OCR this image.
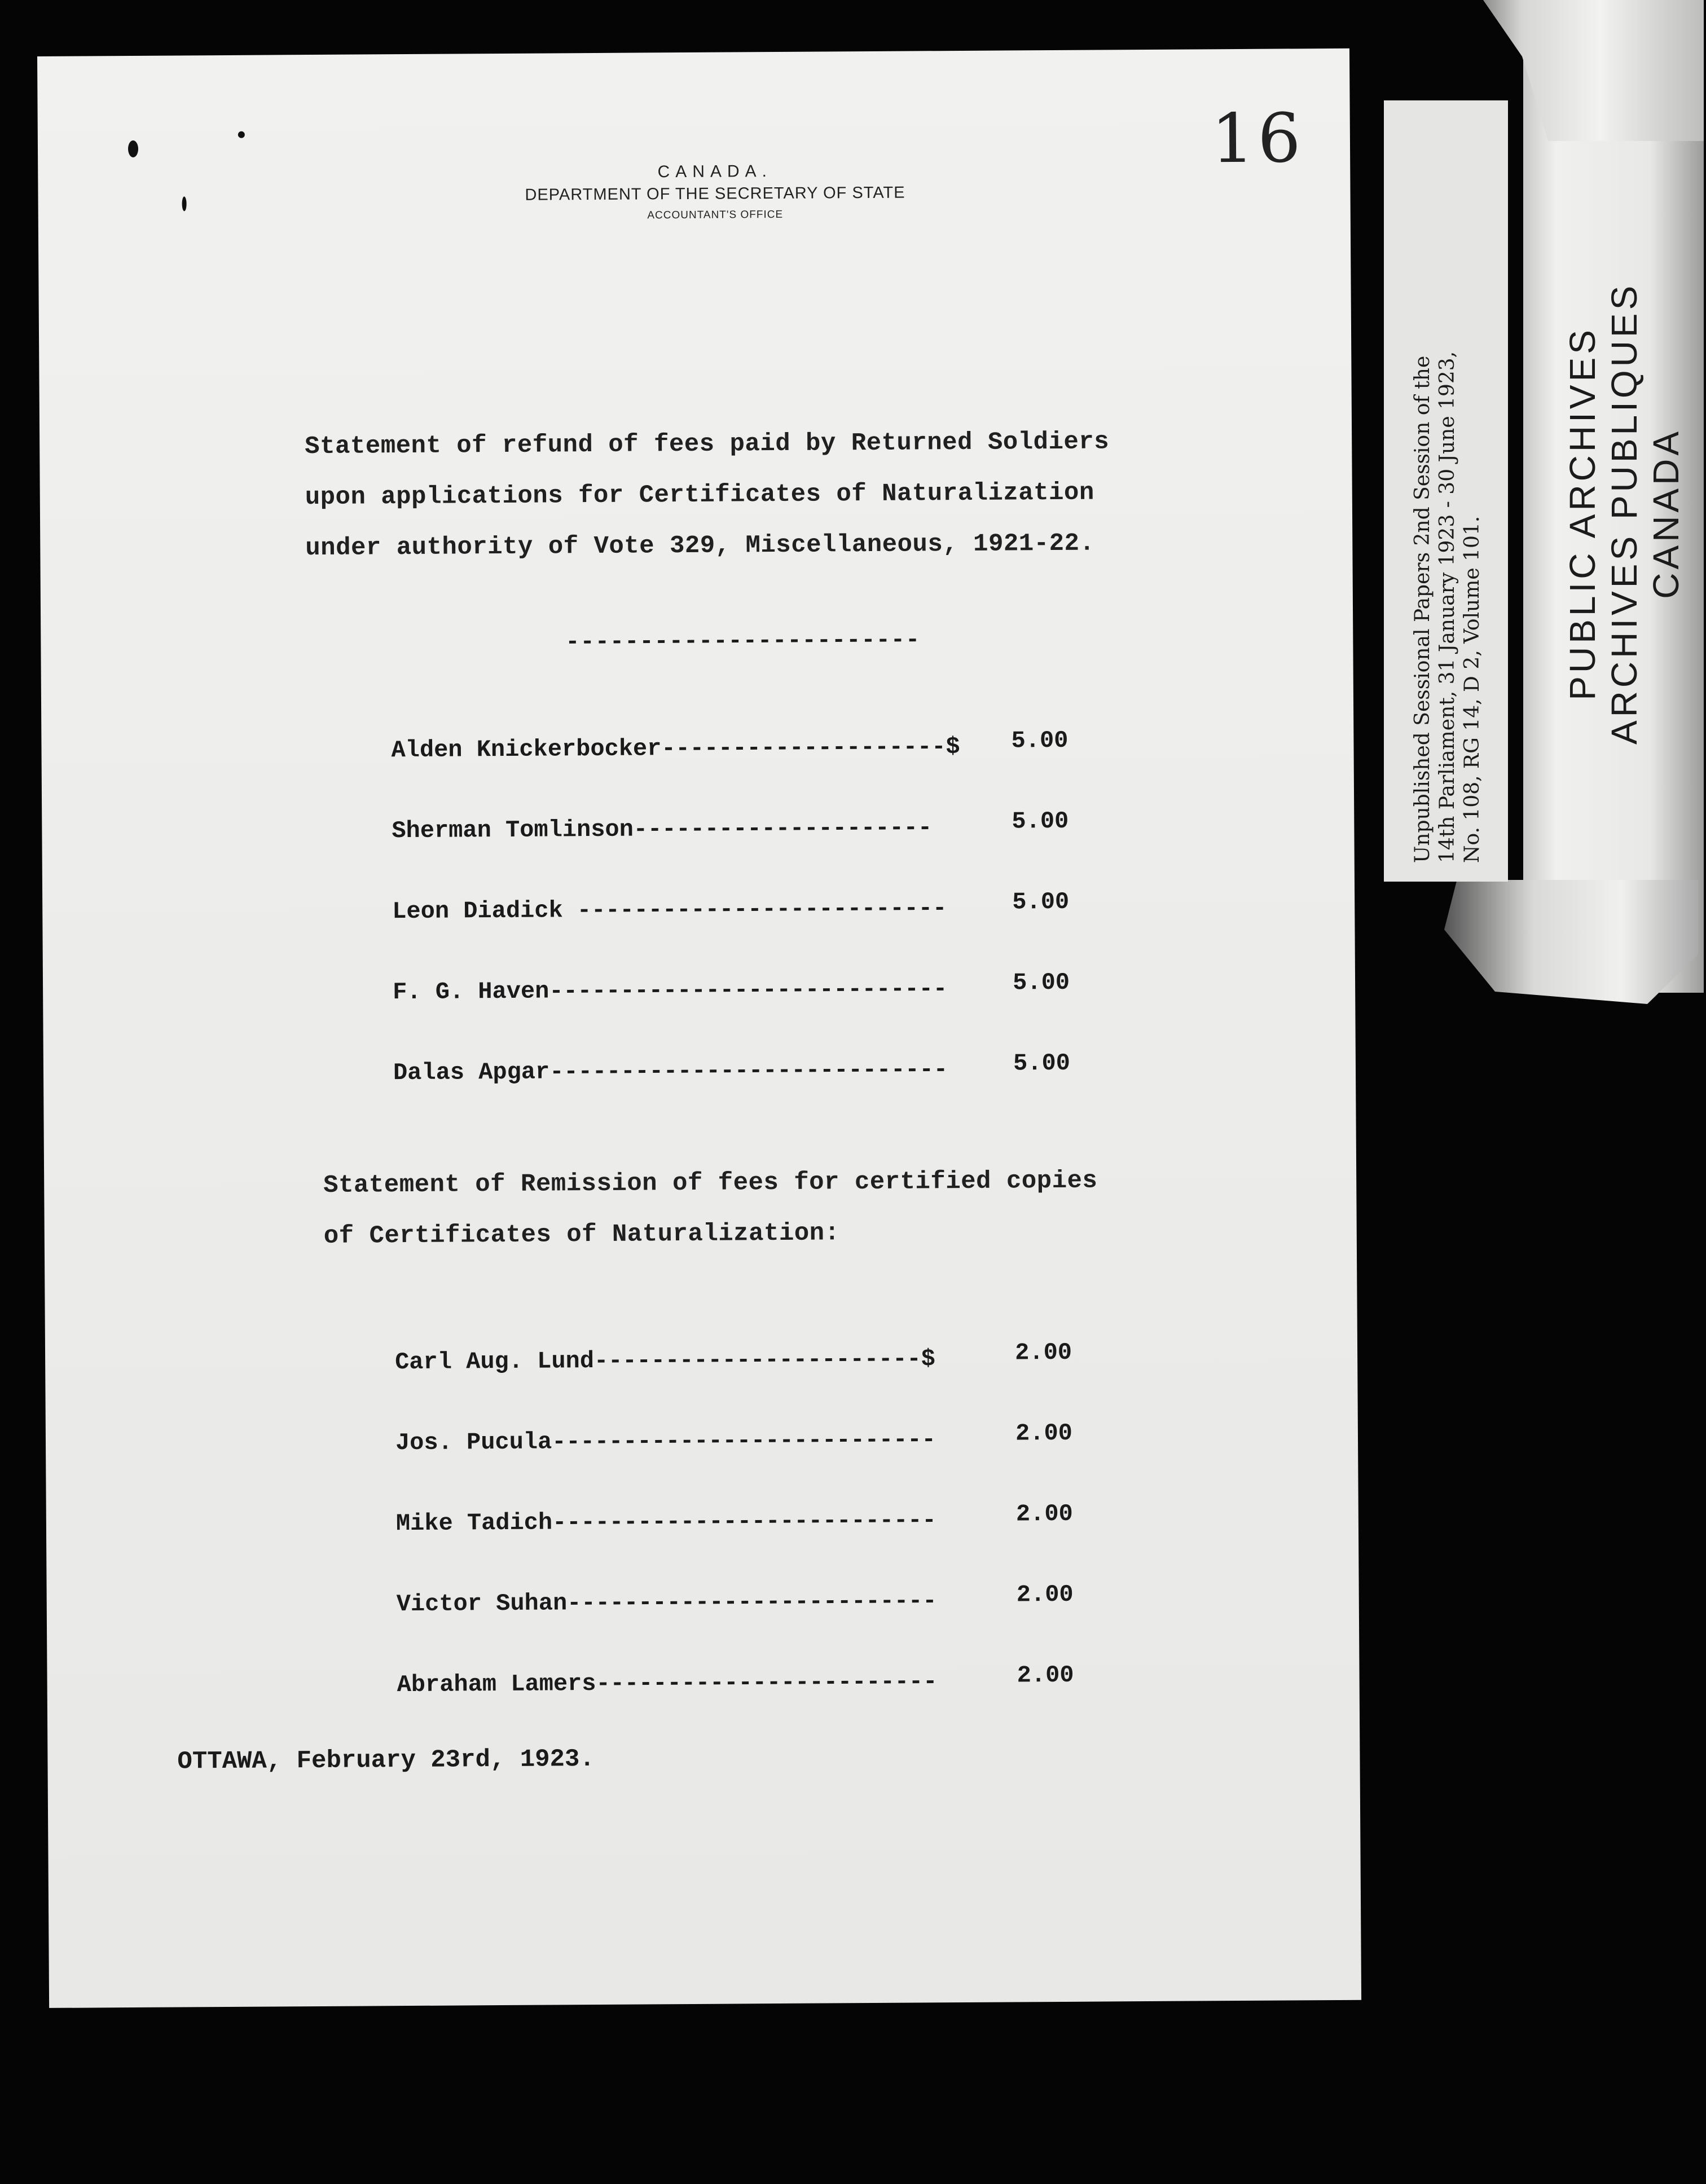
PUBLIC ARCHIVES ARCHIVES PUBLIQUES CANADA
Unpublished Sessional Papers 2nd Session of the 14th Parliament, 31 January 1923 - 30 June 1923, No. 108, RG 14, D 2, Volume 101.
16
CANADA.
DEPARTMENT OF THE SECRETARY OF STATE
ACCOUNTANT'S OFFICE
Statement of refund of fees paid by Returned Soldiers
upon applications for Certificates of Naturalization
under authority of Vote 329, Miscellaneous, 1921-22.
------------------------

Alden Knickerbocker--------------------$

	5.00

Sherman Tomlinson---------------------

	5.00

Leon Diadick --------------------------

	5.00

F. G. Haven----------------------------

	5.00

Dalas Apgar----------------------------

	5.00

Statement of Remission of fees for certified copies
of Certificates of Naturalization:

Carl Aug. Lund-----------------------$

	2.00

Jos. Pucula---------------------------

	2.00

Mike Tadich---------------------------

	2.00

Victor Suhan--------------------------

	2.00

Abraham Lamers------------------------

	2.00

OTTAWA, February 23rd, 1923.
